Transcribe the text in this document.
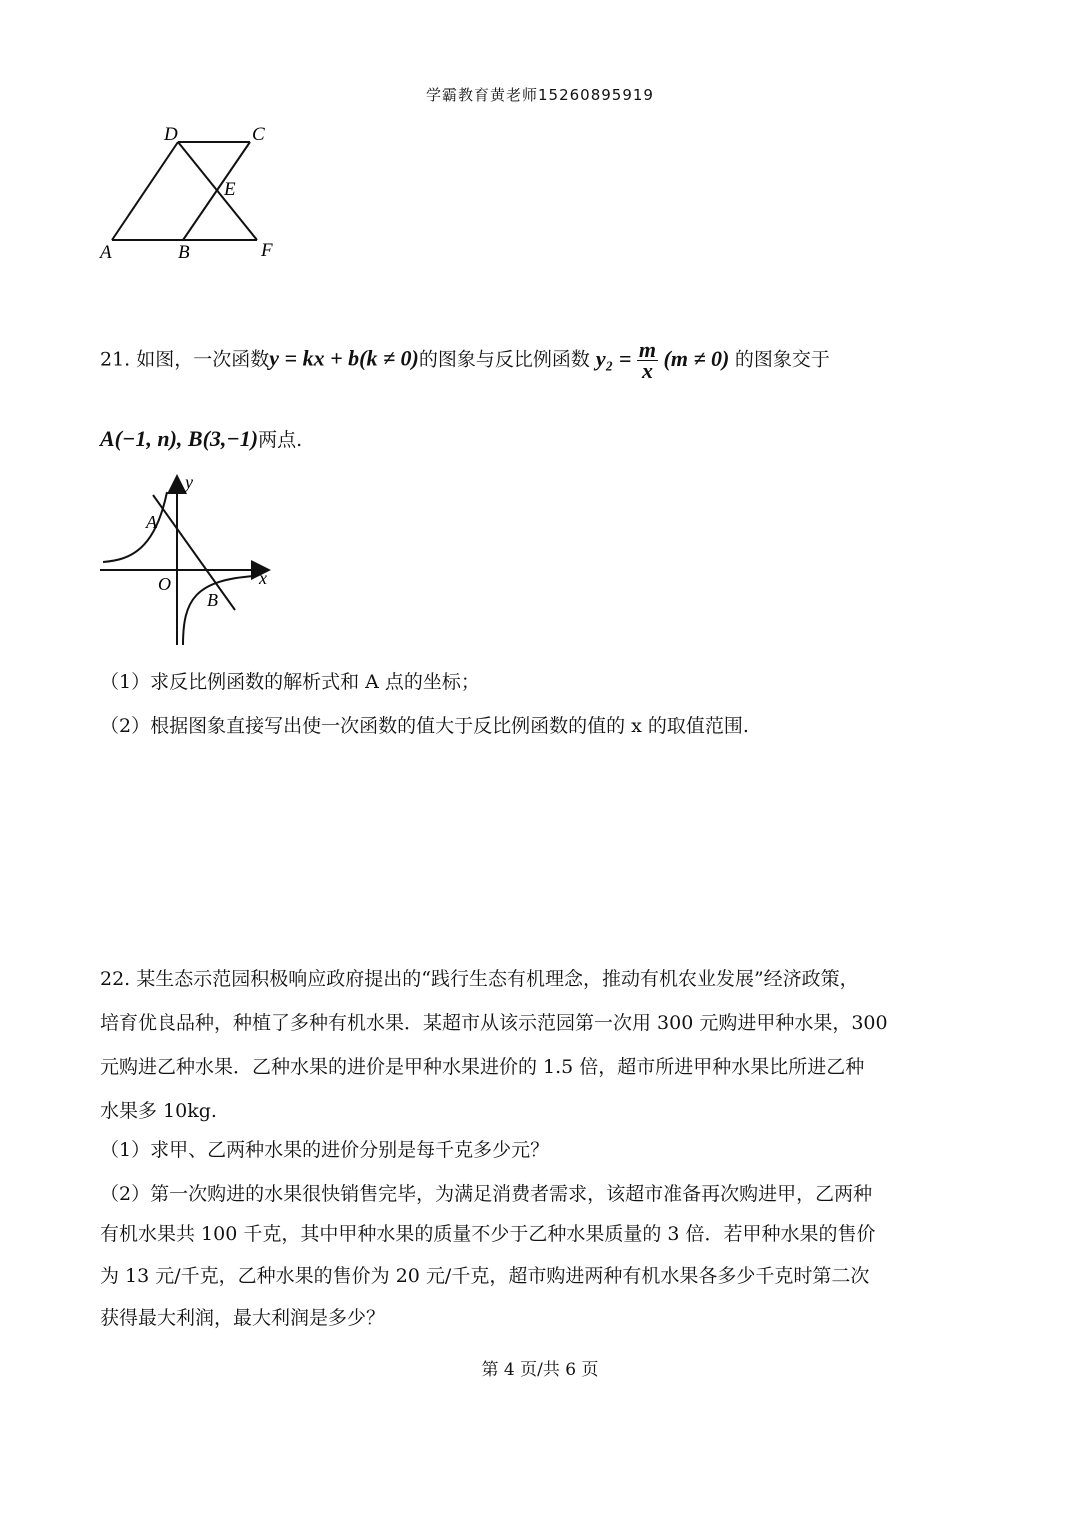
学霸教育黄老师15260895919
D	C
E
A	B	F
21. 如图，一次函数y = kx + b(k ≠ 0)的图象与反比例函数 $y_2 = \frac{m}{x} (m \ne 0)$ 的图象交于
A(−1, n), B(3,−1)两点.
y
x
O
A
B
（1）求反比例函数的解析式和 A 点的坐标；
（2）根据图象直接写出使一次函数的值大于反比例函数的值的 x 的取值范围.
22. 某生态示范园积极响应政府提出的“践行生态有机理念，推动有机农业发展”经济政策，
培育优良品种，种植了多种有机水果．某超市从该示范园第一次用 300 元购进甲种水果，300
元购进乙种水果．乙种水果的进价是甲种水果进价的 1.5 倍，超市所进甲种水果比所进乙种
水果多 10kg.
（1）求甲、乙两种水果的进价分别是每千克多少元？
（2）第一次购进的水果很快销售完毕，为满足消费者需求，该超市准备再次购进甲，乙两种
有机水果共 100 千克，其中甲种水果的质量不少于乙种水果质量的 3 倍．若甲种水果的售价
为 13 元/千克，乙种水果的售价为 20 元/千克，超市购进两种有机水果各多少千克时第二次
获得最大利润，最大利润是多少？
第 4 页/共 6 页
